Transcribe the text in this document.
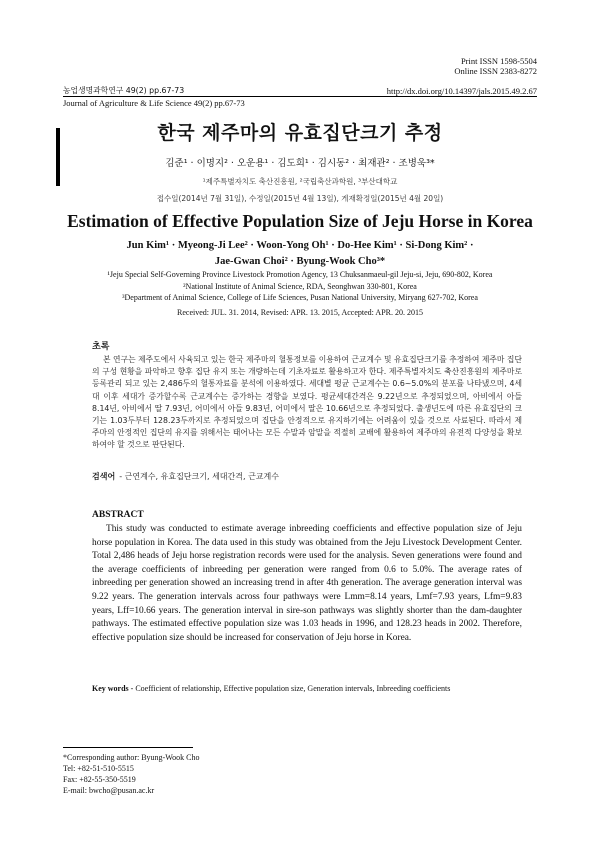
Print ISSN 1598-5504
Online ISSN 2383-8272
농업생명과학연구 49(2) pp.67-73	http://dx.doi.org/10.14397/jals.2015.49.2.67
Journal of Agriculture & Life Science 49(2) pp.67-73
한국 제주마의 유효집단크기 추정
김준¹ · 이명지² · 오운용¹ · 김도희¹ · 김시동² · 최재관² · 조병욱³*
¹제주특별자치도 축산진흥원, ²국립축산과학원, ³부산대학교
접수일(2014년 7월 31일), 수정일(2015년 4월 13일), 게재확정일(2015년 4월 20일)
Estimation of Effective Population Size of Jeju Horse in Korea
Jun Kim¹ · Myeong-Ji Lee² · Woon-Yong Oh¹ · Do-Hee Kim¹ · Si-Dong Kim² ·
Jae-Gwan Choi² · Byung-Wook Cho³*
¹Jeju Special Self-Governing Province Livestock Promotion Agency, 13 Chuksanmaeul-gil Jeju-si, Jeju, 690-802, Korea
²National Institute of Animal Science, RDA, Seonghwan 330-801, Korea
³Department of Animal Science, College of Life Sciences, Pusan National University, Miryang 627-702, Korea
Received: JUL. 31. 2014, Revised: APR. 13. 2015, Accepted: APR. 20. 2015
초록

본 연구는 제주도에서 사육되고 있는 한국 제주마의 혈통정보를 이용하여 근교계수 및 유효집단크기를 추정하여 제주마 집단의 구성 현황을 파악하고 향후 집단 유지 또는 개량하는데 기초자료로 활용하고자 한다. 제주특별자치도 축산진흥원의 제주마로 등록관리 되고 있는 2,486두의 혈통자료를 분석에 이용하였다. 세대별 평균 근교계수는 0.6~5.0%의 분포를 나타냈으며, 4세대 이후 세대가 증가할수록 근교계수는 증가하는 경향을 보였다. 평균세대간격은 9.22년으로 추정되었으며, 아비에서 아들 8.14년, 아비에서 딸 7.93년, 어미에서 아들 9.83년, 어미에서 딸은 10.66년으로 추정되었다. 출생년도에 따른 유효집단의 크기는 1.03두부터 128.23두까지로 추정되었으며 집단을 안정적으로 유지하기에는 어려움이 있을 것으로 사료된다. 따라서 제주마의 안정적인 집단의 유지를 위해서는 태어나는 모든 수말과 암말을 적절히 교배에 활용하여 제주마의 유전적 다양성을 확보하여야 할 것으로 판단된다.

검색어 - 근연계수, 유효집단크기, 세대간격, 근교계수
ABSTRACT

This study was conducted to estimate average inbreeding coefficients and effective population size of Jeju horse population in Korea. The data used in this study was obtained from the Jeju Livestock Development Center. Total 2,486 heads of Jeju horse registration records were used for the analysis. Seven generations were found and the average coefficients of inbreeding per generation were ranged from 0.6 to 5.0%. The average rates of inbreeding per generation showed an increasing trend in after 4th generation. The average generation interval was 9.22 years. The generation intervals across four pathways were Lmm=8.14 years, Lmf=7.93 years, Lfm=9.83 years, Lff=10.66 years. The generation interval in sire-son pathways was slightly shorter than the dam-daughter pathways. The estimated effective population size was 1.03 heads in 1996, and 128.23 heads in 2002. Therefore, effective population size should be increased for conservation of Jeju horse in Korea.

Key words - Coefficient of relationship, Effective population size, Generation intervals, Inbreeding coefficients
*Corresponding author: Byung-Wook Cho
Tel: +82-51-510-5515
Fax: +82-55-350-5519
E-mail: bwcho@pusan.ac.kr
